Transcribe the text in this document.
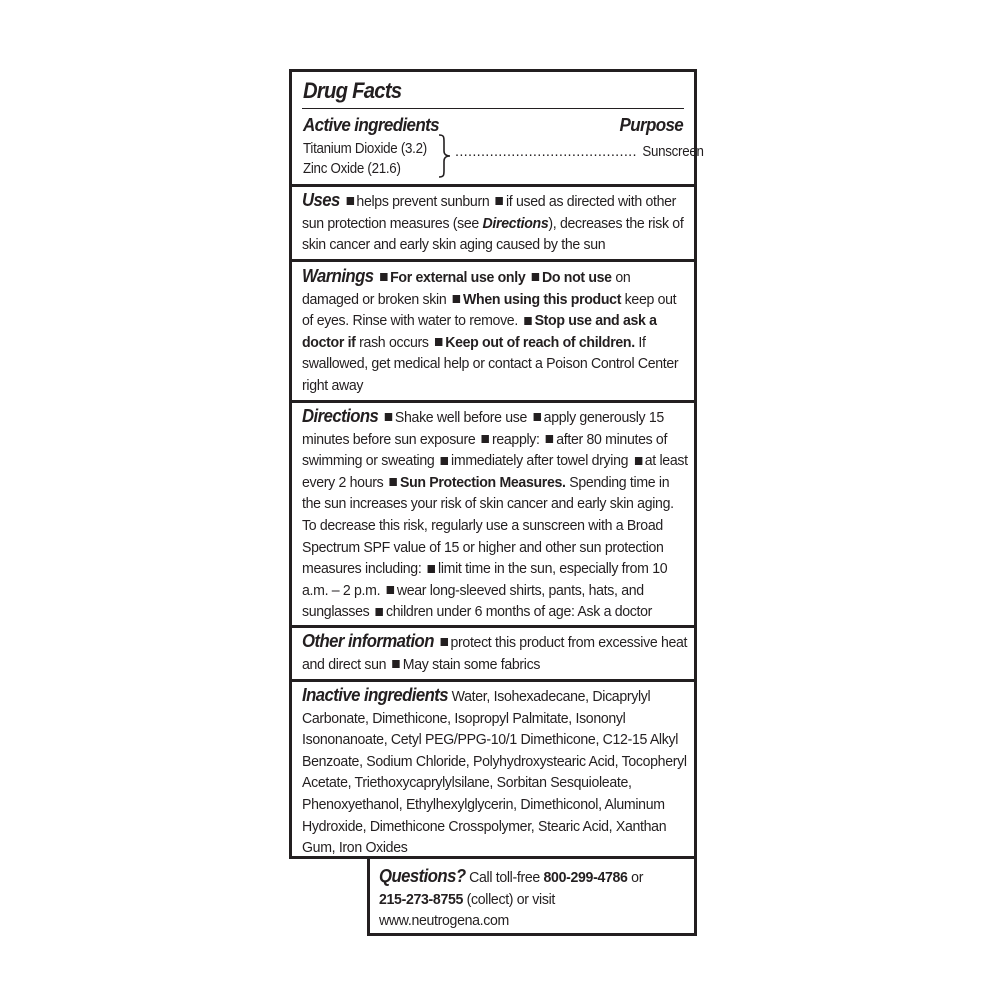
Drug Facts
Active ingredients	Purpose
Titanium Dioxide (3.2)
Zinc Oxide (21.6)
.......................................... Sunscreen

Uses helps prevent sunburn if used as directed with other sun protection measures (see Directions), decreases the risk of skin cancer and early skin aging caused by the sun

Warnings For external use only Do not use on damaged or broken skin When using this product keep out of eyes. Rinse with water to remove. Stop use and ask a doctor if rash occurs Keep out of reach of children. If swallowed, get medical help or contact a Poison Control Center right away

Directions Shake well before use apply generously 15 minutes before sun exposure reapply: after 80 minutes of swimming or sweating immediately after towel drying at least every 2 hours Sun Protection Measures. Spending time in the sun increases your risk of skin cancer and early skin aging. To decrease this risk, regularly use a sunscreen with a Broad Spectrum SPF value of 15 or higher and other sun protection measures including: limit time in the sun, especially from 10 a.m. – 2 p.m. wear long-sleeved shirts, pants, hats, and sunglasses children under 6 months of age: Ask a doctor

Other information protect this product from excessive heat and direct sun May stain some fabrics

Inactive ingredients Water, Isohexadecane, Dicaprylyl Carbonate, Dimethicone, Isopropyl Palmitate, Isononyl Isononanoate, Cetyl PEG/PPG-10/1 Dimethicone, C12-15 Alkyl Benzoate, Sodium Chloride, Polyhydroxystearic Acid, Tocopheryl Acetate, Triethoxycaprylylsilane, Sorbitan Sesquioleate, Phenoxyethanol, Ethylhexylglycerin, Dimethiconol, Aluminum Hydroxide, Dimethicone Crosspolymer, Stearic Acid, Xanthan Gum, Iron Oxides

Questions? Call toll-free 800-299-4786 or
215-273-8755 (collect) or visit
www.neutrogena.com
